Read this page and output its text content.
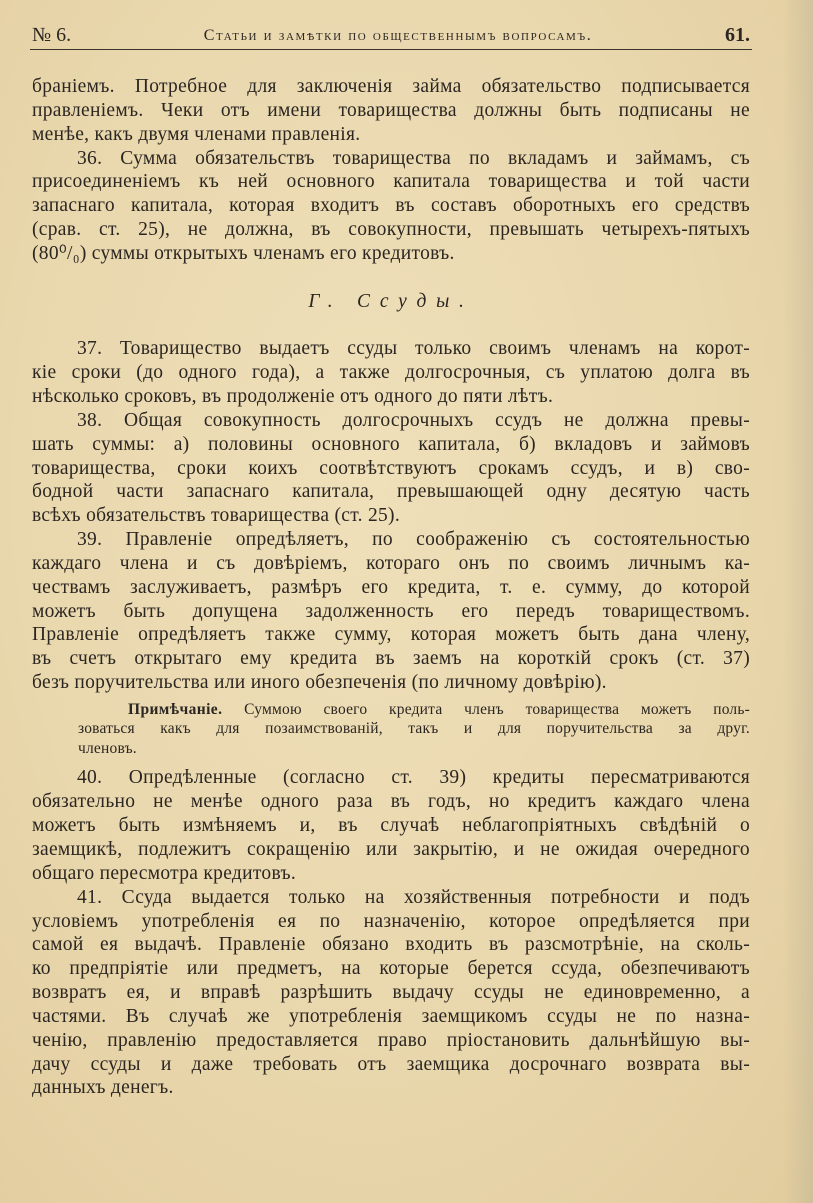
№ 6.	Статьи и замѣтки по общественнымъ вопросамъ.	61.
браніемъ. Потребное для заключенія займа обязательство подписывается
правленіемъ. Чеки отъ имени товарищества должны быть подписаны не
менѣе, какъ двумя членами правленія.
36. Сумма обязательствъ товарищества по вкладамъ и займамъ, съ
присоединеніемъ къ ней основного капитала товарищества и той части
запаснаго капитала, которая входитъ въ составъ оборотныхъ его средствъ
(срав. ст. 25), не должна, въ совокупности, превышать четырехъ-пятыхъ
(80⁰/₀) суммы открытыхъ членамъ его кредитовъ.
Г. Ссуды.
37. Товарищество выдаетъ ссуды только своимъ членамъ на корот-
кіе сроки (до одного года), а также долгосрочныя, съ уплатою долга въ
нѣсколько сроковъ, въ продолженіе отъ одного до пяти лѣтъ.
38. Общая совокупность долгосрочныхъ ссудъ не должна превы-
шать суммы: а) половины основного капитала, б) вкладовъ и займовъ
товарищества, сроки коихъ соотвѣтствуютъ срокамъ ссудъ, и в) сво-
бодной части запаснаго капитала, превышающей одну десятую часть
всѣхъ обязательствъ товарищества (ст. 25).
39. Правленіе опредѣляетъ, по соображенію съ состоятельностью
каждаго члена и съ довѣріемъ, котораго онъ по своимъ личнымъ ка-
чествамъ заслуживаетъ, размѣръ его кредита, т. е. сумму, до которой
можетъ быть допущена задолженность его передъ товариществомъ.
Правленіе опредѣляетъ также сумму, которая можетъ быть дана члену,
въ счетъ открытаго ему кредита въ заемъ на короткій срокъ (ст. 37)
безъ поручительства или иного обезпеченія (по личному довѣрію).
Примѣчаніе. Суммою своего кредита членъ товарищества можетъ поль-
зоваться какъ для позаимствованій, такъ и для поручительства за друг.
членовъ.
40. Опредѣленные (согласно ст. 39) кредиты пересматриваются
обязательно не менѣе одного раза въ годъ, но кредитъ каждаго члена
можетъ быть измѣняемъ и, въ случаѣ неблагопріятныхъ свѣдѣній о
заемщикѣ, подлежитъ сокращенію или закрытію, и не ожидая очередного
общаго пересмотра кредитовъ.
41. Ссуда выдается только на хозяйственныя потребности и подъ
условіемъ употребленія ея по назначенію, которое опредѣляется при
самой ея выдачѣ. Правленіе обязано входить въ разсмотрѣніе, на сколь-
ко предпріятіе или предметъ, на которые берется ссуда, обезпечиваютъ
возвратъ ея, и вправѣ разрѣшить выдачу ссуды не единовременно, а
частями. Въ случаѣ же употребленія заемщикомъ ссуды не по назна-
ченію, правленію предоставляется право пріостановить дальнѣйшую вы-
дачу ссуды и даже требовать отъ заемщика досрочнаго возврата вы-
данныхъ денегъ.
